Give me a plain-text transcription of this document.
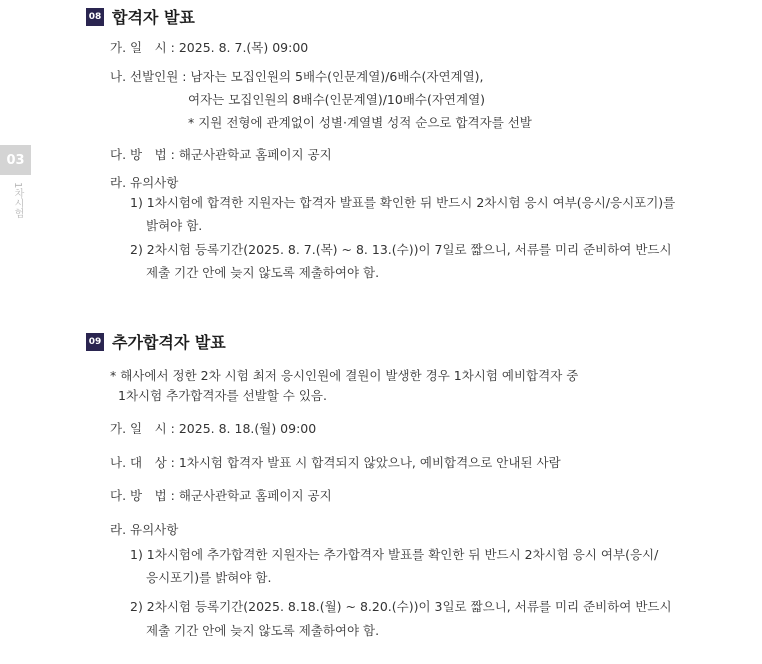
03
1차시험
08 합격자 발표
가. 일　시 : 2025. 8. 7.(목) 09:00
나. 선발인원 : 남자는 모집인원의 5배수(인문계열)/6배수(자연계열),
여자는 모집인원의 8배수(인문계열)/10배수(자연계열)
* 지원 전형에 관계없이 성별·계열별 성적 순으로 합격자를 선발
다. 방　법 : 해군사관학교 홈페이지 공지
라. 유의사항
1) 1차시험에 합격한 지원자는 합격자 발표를 확인한 뒤 반드시 2차시험 응시 여부(응시/응시포기)를
밝혀야 함.
2) 2차시험 등록기간(2025. 8. 7.(목) ~ 8. 13.(수))이 7일로 짧으니, 서류를 미리 준비하여 반드시
제출 기간 안에 늦지 않도록 제출하여야 함.
09 추가합격자 발표
* 해사에서 정한 2차 시험 최저 응시인원에 결원이 발생한 경우 1차시험 예비합격자 중
1차시험 추가합격자를 선발할 수 있음.
가. 일　시 : 2025. 8. 18.(월) 09:00
나. 대　상 : 1차시험 합격자 발표 시 합격되지 않았으나, 예비합격으로 안내된 사람
다. 방　법 : 해군사관학교 홈페이지 공지
라. 유의사항
1) 1차시험에 추가합격한 지원자는 추가합격자 발표를 확인한 뒤 반드시 2차시험 응시 여부(응시/
응시포기)를 밝혀야 함.
2) 2차시험 등록기간(2025. 8.18.(월) ~ 8.20.(수))이 3일로 짧으니, 서류를 미리 준비하여 반드시
제출 기간 안에 늦지 않도록 제출하여야 함.
